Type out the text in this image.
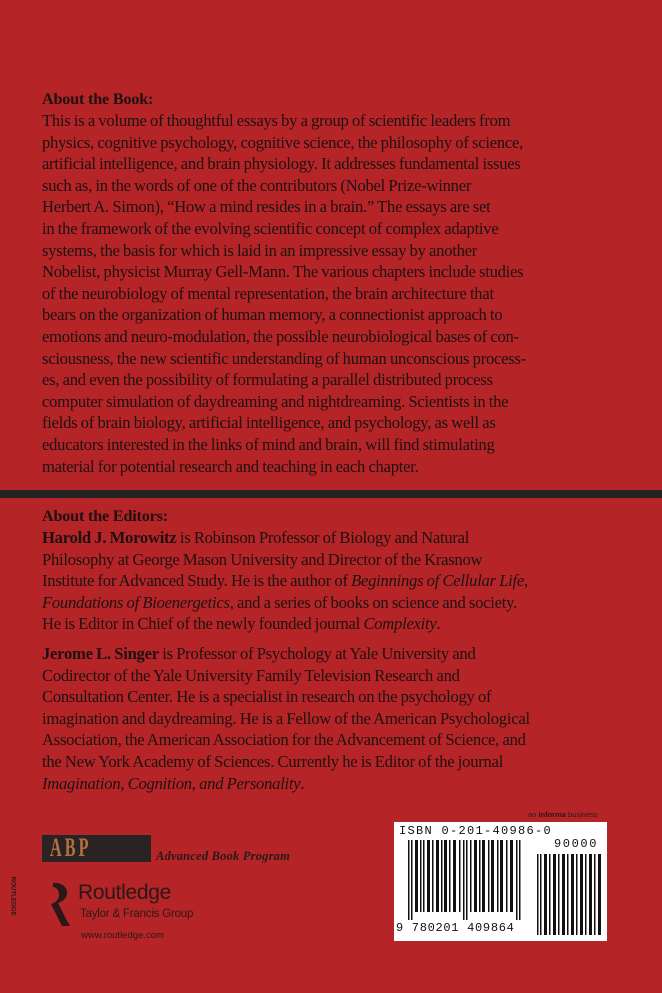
About the Book:
This is a volume of thoughtful essays by a group of scientific leaders from
physics, cognitive psychology, cognitive science, the philosophy of science,
artificial intelligence, and brain physiology. It addresses fundamental issues
such as, in the words of one of the contributors (Nobel Prize-winner
Herbert A. Simon), “How a mind resides in a brain.” The essays are set
in the framework of the evolving scientific concept of complex adaptive
systems, the basis for which is laid in an impressive essay by another
Nobelist, physicist Murray Gell-Mann. The various chapters include studies
of the neurobiology of mental representation, the brain architecture that
bears on the organization of human memory, a connectionist approach to
emotions and neuro-modulation, the possible neurobiological bases of con-
sciousness, the new scientific understanding of human unconscious process-
es, and even the possibility of formulating a parallel distributed process
computer simulation of daydreaming and nightdreaming. Scientists in the
fields of brain biology, artificial intelligence, and psychology, as well as
educators interested in the links of mind and brain, will find stimulating
material for potential research and teaching in each chapter.
About the Editors:
Harold J. Morowitz is Robinson Professor of Biology and Natural
Philosophy at George Mason University and Director of the Krasnow
Institute for Advanced Study. He is the author of Beginnings of Cellular Life,
Foundations of Bioenergetics, and a series of books on science and society.
He is Editor in Chief of the newly founded journal Complexity.
Jerome L. Singer is Professor of Psychology at Yale University and
Codirector of the Yale University Family Television Research and
Consultation Center. He is a specialist in research on the psychology of
imagination and daydreaming. He is a Fellow of the American Psychological
Association, the American Association for the Advancement of Science, and
the New York Academy of Sciences. Currently he is Editor of the journal
Imagination, Cognition, and Personality.
ABP	Advanced Book Program
ROUTLEDGE	Routledge
Taylor & Francis Group
www.routledge.com
an informa business
ISBN 0-201-40986-0
90000
9 780201 409864
